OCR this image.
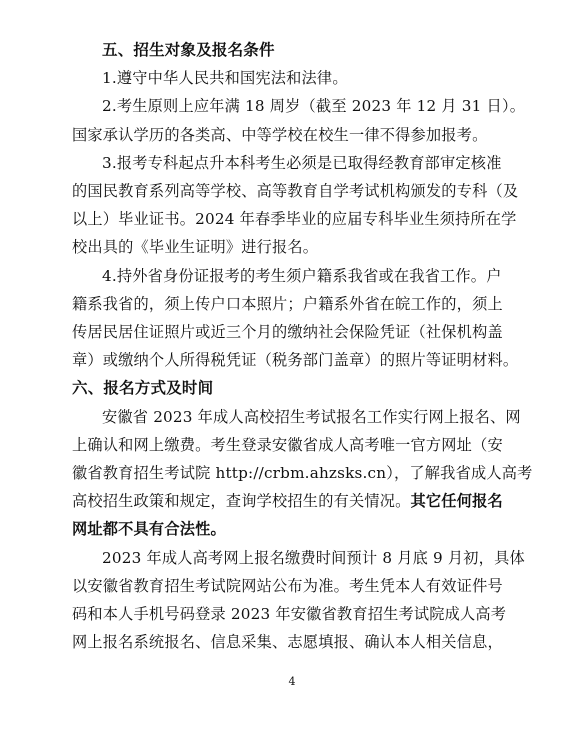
五、招生对象及报名条件
1.遵守中华人民共和国宪法和法律。
2.考生原则上应年满 18 周岁（截至 2023 年 12 月 31 日）。
国家承认学历的各类高、中等学校在校生一律不得参加报考。
3.报考专科起点升本科考生必须是已取得经教育部审定核准
的国民教育系列高等学校、高等教育自学考试机构颁发的专科（及
以上）毕业证书。2024 年春季毕业的应届专科毕业生须持所在学
校出具的《毕业生证明》进行报名。
4.持外省身份证报考的考生须户籍系我省或在我省工作。户
籍系我省的，须上传户口本照片；户籍系外省在皖工作的，须上
传居民居住证照片或近三个月的缴纳社会保险凭证（社保机构盖
章）或缴纳个人所得税凭证（税务部门盖章）的照片等证明材料。
六、报名方式及时间
安徽省 2023 年成人高校招生考试报名工作实行网上报名、网
上确认和网上缴费。考生登录安徽省成人高考唯一官方网址（安
徽省教育招生考试院 http://crbm.ahzsks.cn），了解我省成人高考
高校招生政策和规定，查询学校招生的有关情况。其它任何报名
网址都不具有合法性。
2023 年成人高考网上报名缴费时间预计 8 月底 9 月初，具体
以安徽省教育招生考试院网站公布为准。考生凭本人有效证件号
码和本人手机号码登录 2023 年安徽省教育招生考试院成人高考
网上报名系统报名、信息采集、志愿填报、确认本人相关信息，
4
